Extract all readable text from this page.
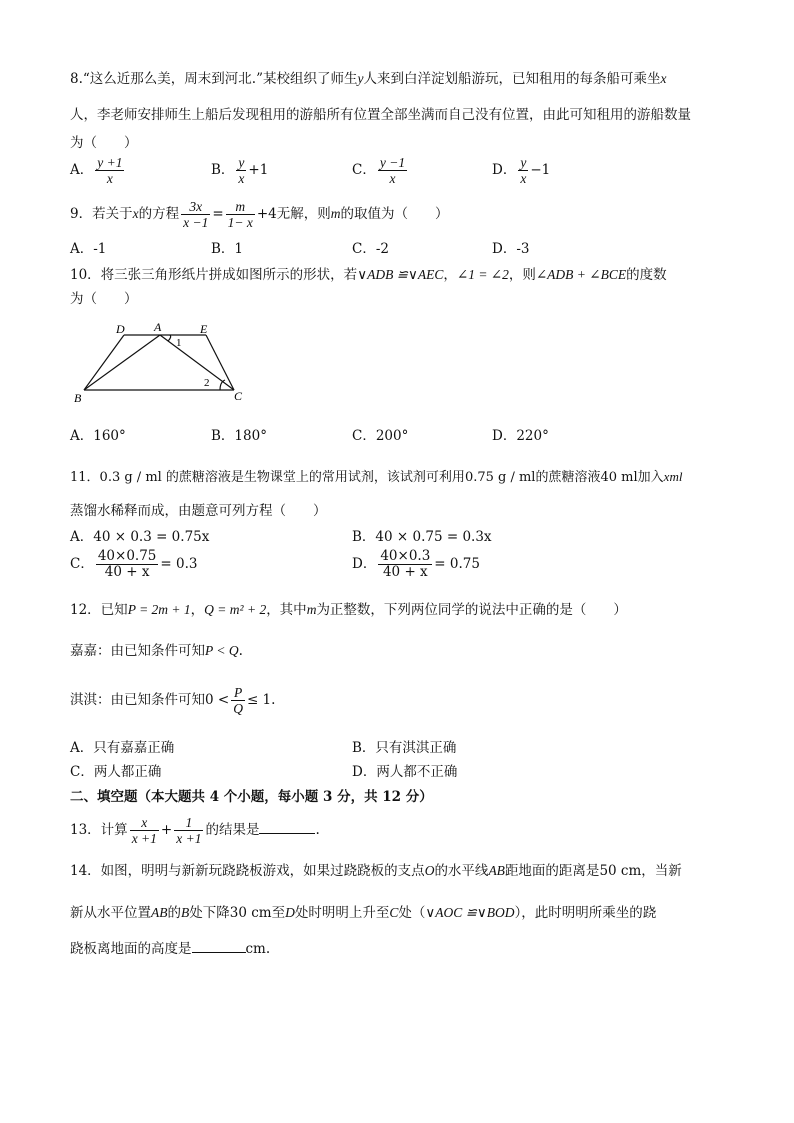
8.“这么近那么美，周末到河北.”某校组织了师生y人来到白洋淀划船游玩，已知租用的每条船可乘坐x
人，李老师安排师生上船后发现租用的游船所有位置全部坐满而自己没有位置，由此可知租用的游船数量
为（　　）
A． $\frac{y +1}{x}$	B． $\frac{y}{x} +1$	C． $\frac{y -1}{x}$	D． $\frac{y}{x} -1$
9．若关于x的方程 $\frac{3x}{x -1} = \frac{m}{1- x} +4$无解，则m的取值为（　　）
A．-1	B．1	C．-2	D．-3
10．将三张三角形纸片拼成如图所示的形状，若∨ADB ≌∨AEC，∠1 = ∠2，则∠ADB + ∠BCE的度数
为（　　）
D A	E
B	C
1
2
A．160°	B．180°	C．200°	D．220°
11．0.3 g / ml 的蔗糖溶液是生物课堂上的常用试剂，该试剂可利用0.75 g / ml的蔗糖溶液40 ml加入xml
蒸馏水稀释而成，由题意可列方程（　　）
A．40 × 0.3 = 0.75x	B．40 × 0.75 = 0.3x
C． $\frac{40\times 0.75}{40 + x} = 0.3$	D． $\frac{40\times 0.3}{40 + x} = 0.75$
12．已知P = 2m + 1，Q = m² + 2，其中m为正整数，下列两位同学的说法中正确的是（　　）
嘉嘉：由已知条件可知P < Q.
淇淇：由已知条件可知$0 < \frac{P}{Q} \le 1$.
A．只有嘉嘉正确	B．只有淇淇正确
C．两人都正确	D．两人都不正确
二、填空题（本大题共 4 个小题，每小题 3 分，共 12 分）
13．计算 $\frac{x}{x +1} + \frac{1}{x +1}$ 的结果是	.
14．如图，明明与新新玩跷跷板游戏，如果过跷跷板的支点O的水平线AB距地面的距离是50 cm，当新
新从水平位置AB的B处下降30 cm至D处时明明上升至C处（∨AOC ≌∨BOD），此时明明所乘坐的跷
跷板离地面的高度是	cm.
